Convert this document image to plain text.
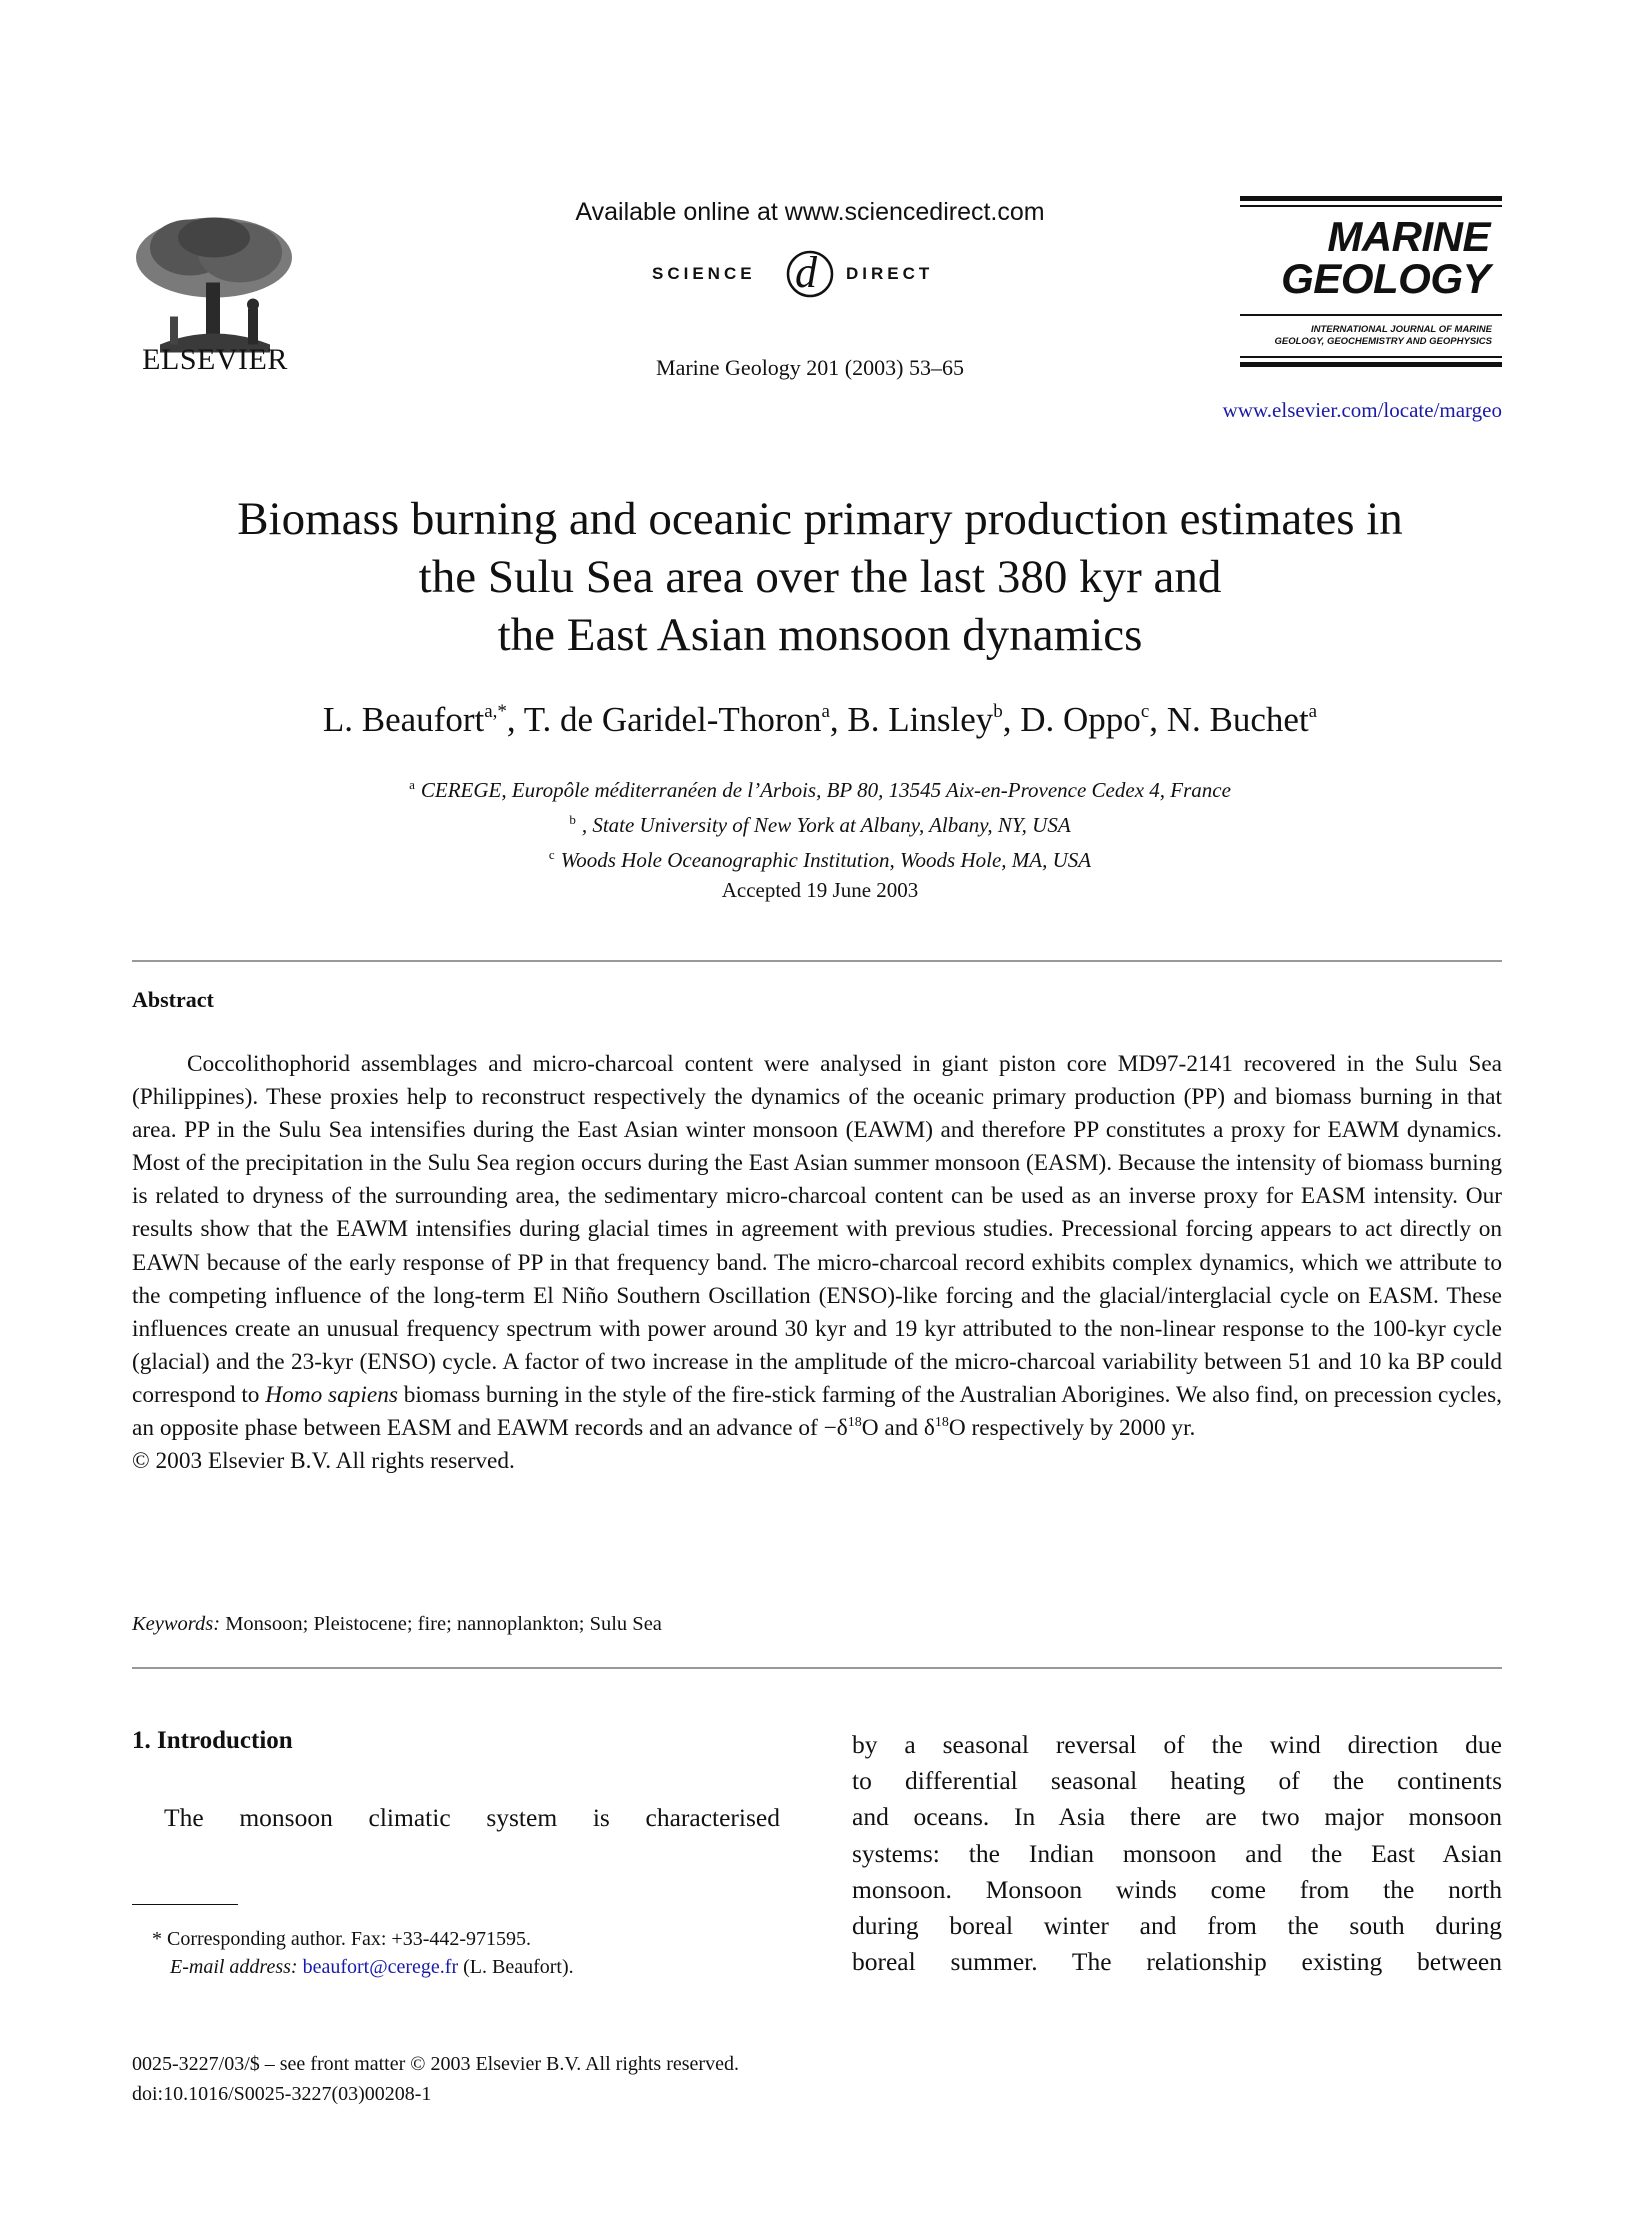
ELSEVIER
Available online at www.sciencedirect.com
SCIENCE d DIRECT
Marine Geology 201 (2003) 53–65
MARINE
GEOLOGY
INTERNATIONAL JOURNAL OF MARINE
GEOLOGY, GEOCHEMISTRY AND GEOPHYSICS
www.elsevier.com/locate/margeo
Biomass burning and oceanic primary production estimates in
the Sulu Sea area over the last 380 kyr and
the East Asian monsoon dynamics
L. Beaufort$^{a,*}$, T. de Garidel-Thoron$^a$, B. Linsley$^b$, D. Oppo$^c$, N. Buchet$^a$
$^a$ CEREGE, Europôle méditerranéen de l’Arbois, BP 80, 13545 Aix-en-Provence Cedex 4, France
$^b$ , State University of New York at Albany, Albany, NY, USA
$^c$ Woods Hole Oceanographic Institution, Woods Hole, MA, USA
Accepted 19 June 2003
Abstract

Coccolithophorid assemblages and micro-charcoal content were analysed in giant piston core MD97-2141 recovered in the Sulu Sea (Philippines). These proxies help to reconstruct respectively the dynamics of the oceanic primary production (PP) and biomass burning in that area. PP in the Sulu Sea intensifies during the East Asian winter monsoon (EAWM) and therefore PP constitutes a proxy for EAWM dynamics. Most of the precipitation in the Sulu Sea region occurs during the East Asian summer monsoon (EASM). Because the intensity of biomass burning is related to dryness of the surrounding area, the sedimentary micro-charcoal content can be used as an inverse proxy for EASM intensity. Our results show that the EAWM intensifies during glacial times in agreement with previous studies. Precessional forcing appears to act directly on EAWN because of the early response of PP in that frequency band. The micro-charcoal record exhibits complex dynamics, which we attribute to the competing influence of the long-term El Niño Southern Oscillation (ENSO)-like forcing and the glacial/interglacial cycle on EASM. These influences create an unusual frequency spectrum with power around 30 kyr and 19 kyr attributed to the non-linear response to the 100-kyr cycle (glacial) and the 23-kyr (ENSO) cycle. A factor of two increase in the amplitude of the micro-charcoal variability between 51 and 10 ka BP could correspond to Homo sapiens biomass burning in the style of the fire-stick farming of the Australian Aborigines. We also find, on precession cycles, an opposite phase between EASM and EAWM records and an advance of $-\delta^{18}O$ and $\delta^{18}O$ respectively by 2000 yr.

© 2003 Elsevier B.V. All rights reserved.

Keywords: Monsoon; Pleistocene; fire; nannoplankton; Sulu Sea
1. Introduction
The monsoon climatic system is characterised
* Corresponding author. Fax: +33-442-971595.
E-mail address: beaufort@cerege.fr (L. Beaufort).
by a seasonal reversal of the wind direction due
to differential seasonal heating of the continents
and oceans. In Asia there are two major monsoon
systems: the Indian monsoon and the East Asian
monsoon. Monsoon winds come from the north
during boreal winter and from the south during
boreal summer. The relationship existing between
0025-3227/03/$ – see front matter © 2003 Elsevier B.V. All rights reserved.
doi:10.1016/S0025-3227(03)00208-1
